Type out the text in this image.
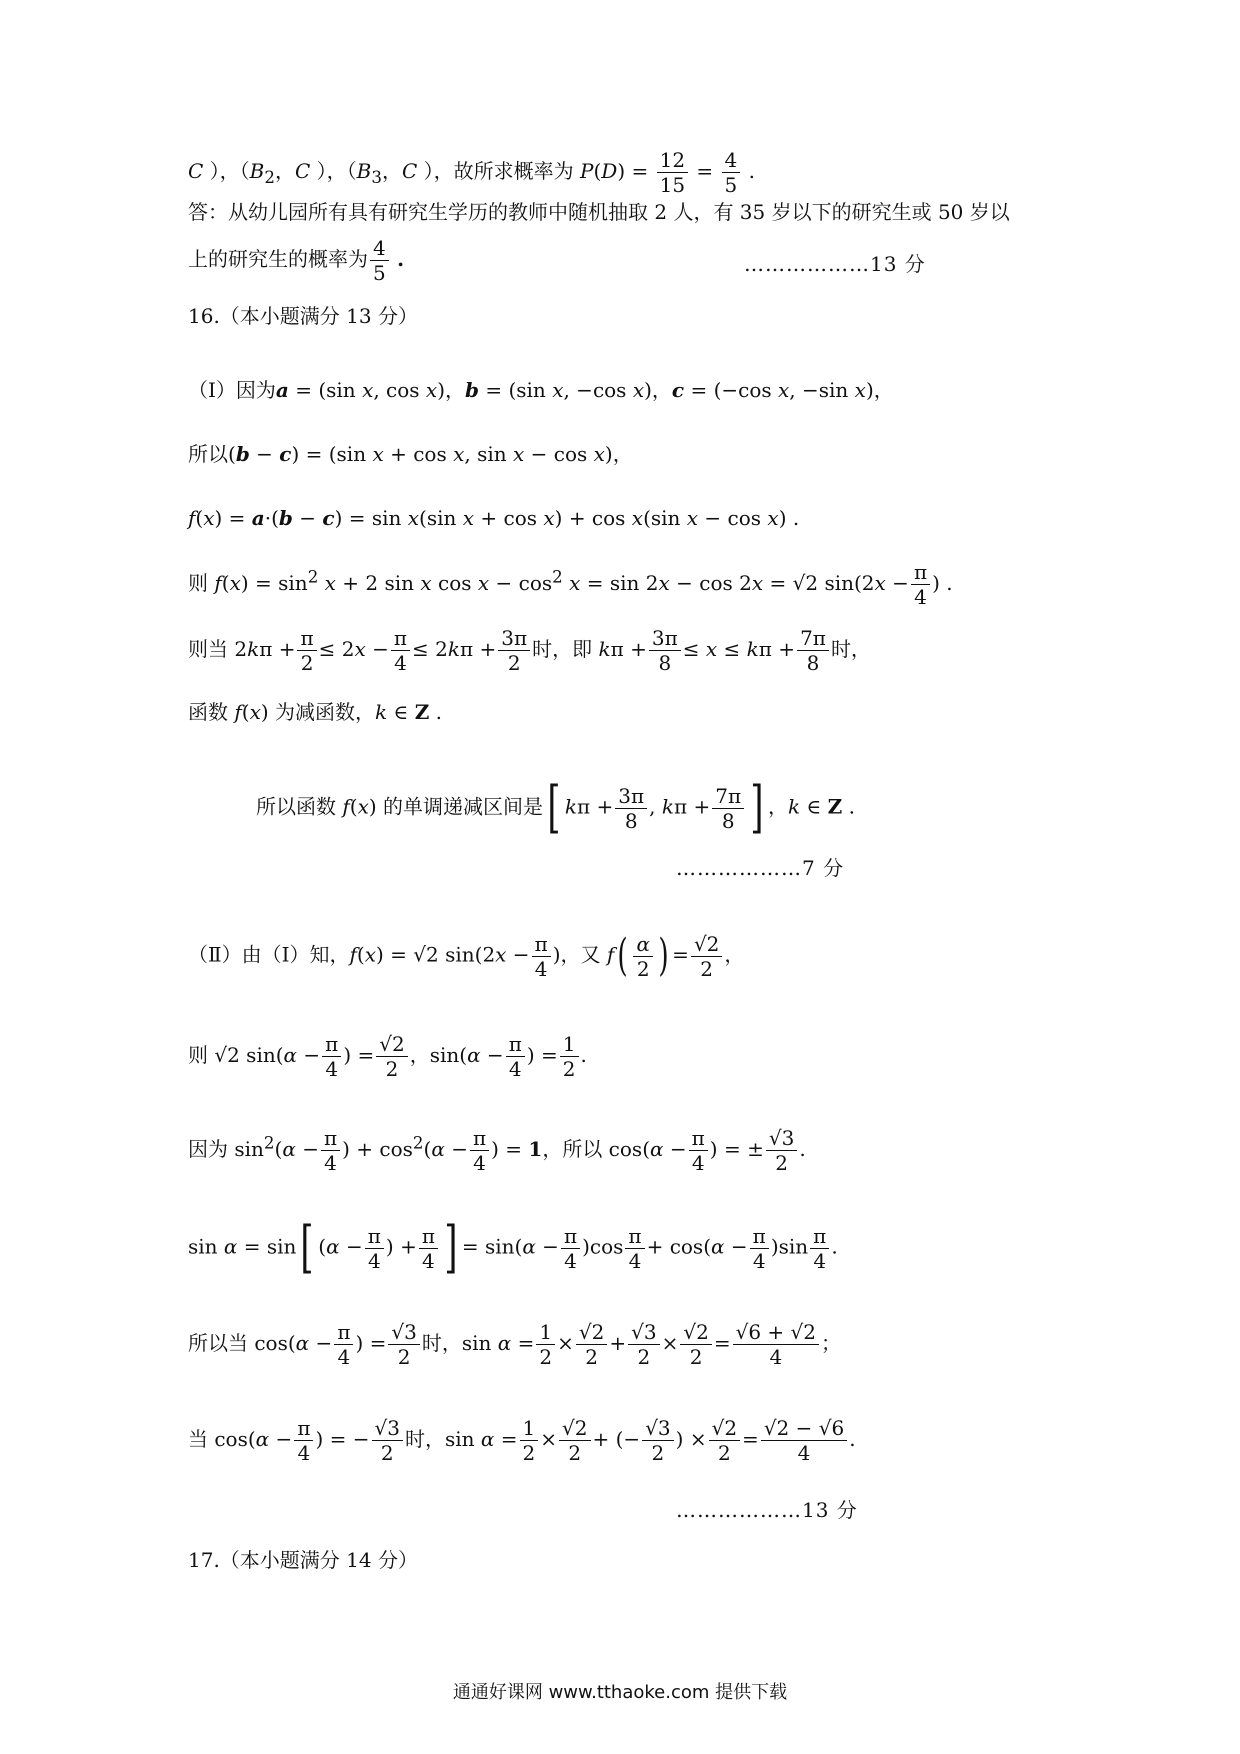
C ），（$B_2$，C ），（$B_3$，C ），故所求概率为 $P(D) = \frac{12}{15} = \frac{4}{5}$ .
答：从幼儿园所有具有研究生学历的教师中随机抽取 2 人，有 35 岁以下的研究生或 50 岁以
上的研究生的概率为 $\frac{4}{5}$ .	………………13 分
16.（本小题满分 13 分）
（Ⅰ）因为a = (sin x, cos x)，b = (sin x, −cos x)，c = (−cos x, −sin x)，
所以(b − c) = (sin x + cos x, sin x − cos x)，
f(x) = a·(b − c) = sin x(sin x + cos x) + cos x(sin x − cos x) .
则 $f(x) = \sin^2 x + 2$ sin x $\cos x - \cos^2 x = \sin 2x - \cos 2x = √2$ $\sin(2x - \frac{\pi}{4}$ ) .
则当 $2k\pi + \frac{\pi}{2} \le 2x - \frac{\pi}{4} \le 2k\pi + \frac{3\pi}{2}$ 时，即 $k\pi + \frac{3\pi}{8} \le x \le k\pi + \frac{7\pi}{8}$ 时，
函数 f(x) 为减函数，k ∈ Z .
所以函数 f(x) 的单调递减区间是[ $k\pi + \frac{3\pi}{8}$ , $k\pi + \frac{7\pi}{8}$ ] ，k ∈ Z .
………………7 分
（Ⅱ）由（Ⅰ）知，f(x) = √2 $\sin(2x - \frac{\pi}{4}$ )，又 $f( \frac{\alpha}{2}$ ) = $\frac{√2}{2}$ ，
则 √2 $\sin(\alpha - \frac{\pi}{4}$ ) = $\frac{√2}{2}$ ，$\sin(\alpha - \frac{\pi}{4}$ ) = $\frac{1}{2}$ .
因为 $\sin^2(\alpha - \frac{\pi}{4}$ ) + $\cos^2(\alpha - \frac{\pi}{4}$ ) = 1，所以 $\cos(\alpha - \frac{\pi}{4}$ ) = ± $\frac{√3}{2}$ .
sin α = sin[ ($\alpha - \frac{\pi}{4}$ ) + $\frac{\pi}{4}$ ] = $\sin(\alpha - \frac{\pi}{4} )\cos \frac{\pi}{4} + \cos(\alpha - \frac{\pi}{4} )\sin \frac{\pi}{4}$ .
所以当 $\cos(\alpha - \frac{\pi}{4}$ ) = $\frac{√3}{2}$ 时，$\sin \alpha = \frac{1}{2} \times \frac{√2}{2} + \frac{√3}{2} \times \frac{√2}{2} = \frac{√6 + √2}{4}$ ；
当 $\cos(\alpha - \frac{\pi}{4}$ ) = − $\frac{√3}{2}$ 时，$\sin \alpha = \frac{1}{2} \times \frac{√2}{2}$ + (− $\frac{√3}{2}$ ) × $\frac{√2}{2} = \frac{√2 - √6}{4}$ .
………………13 分
17.（本小题满分 14 分）
通通好课网 www.tthaoke.com 提供下载
